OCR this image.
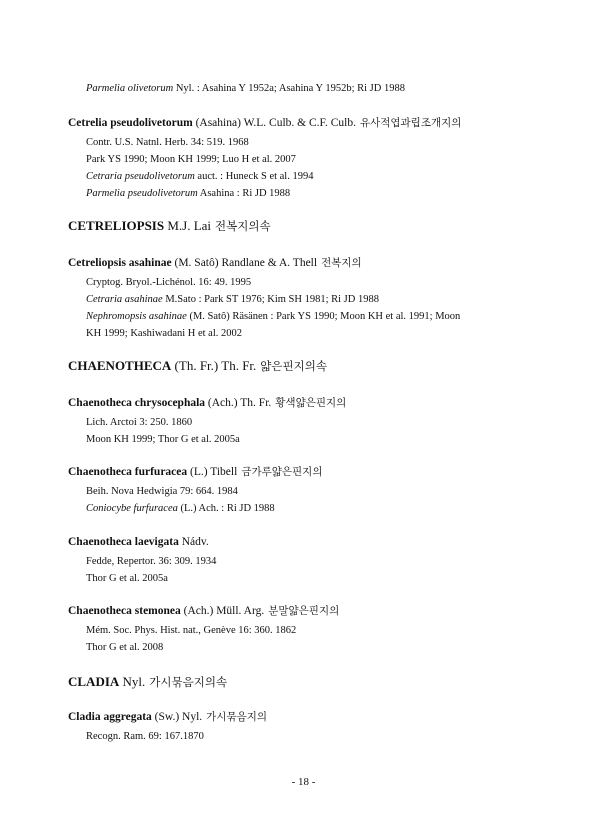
Parmelia olivetorum Nyl. : Asahina Y 1952a; Asahina Y 1952b; Ri JD 1988
Cetrelia pseudolivetorum (Asahina) W.L. Culb. & C.F. Culb. 유사적엽과립조개지의
Contr. U.S. Natnl. Herb. 34: 519. 1968
Park YS 1990; Moon KH 1999; Luo H et al. 2007
Cetraria pseudolivetorum auct. : Huneck S et al. 1994
Parmelia pseudolivetorum Asahina : Ri JD 1988
CETRELIOPSIS M.J. Lai 전복지의속
Cetreliopsis asahinae (M. Satô) Randlane & A. Thell 전복지의
Cryptog. Bryol.-Lichénol. 16: 49. 1995
Cetraria asahinae M.Sato : Park ST 1976; Kim SH 1981; Ri JD 1988
Nephromopsis asahinae (M. Satô) Räsänen : Park YS 1990; Moon KH et al. 1991; Moon
KH 1999; Kashiwadani H et al. 2002
CHAENOTHECA (Th. Fr.) Th. Fr. 얇은핀지의속
Chaenotheca chrysocephala (Ach.) Th. Fr. 황색얇은핀지의
Lich. Arctoi 3: 250. 1860
Moon KH 1999; Thor G et al. 2005a
Chaenotheca furfuracea (L.) Tibell 금가루얇은핀지의
Beih. Nova Hedwigia 79: 664. 1984
Coniocybe furfuracea (L.) Ach. : Ri JD 1988
Chaenotheca laevigata Nádv.
Fedde, Repertor. 36: 309. 1934
Thor G et al. 2005a
Chaenotheca stemonea (Ach.) Müll. Arg. 분말얇은핀지의
Mém. Soc. Phys. Hist. nat., Genève 16: 360. 1862
Thor G et al. 2008
CLADIA Nyl. 가시묶음지의속
Cladia aggregata (Sw.) Nyl. 가시묶음지의
Recogn. Ram. 69: 167.1870
- 18 -
